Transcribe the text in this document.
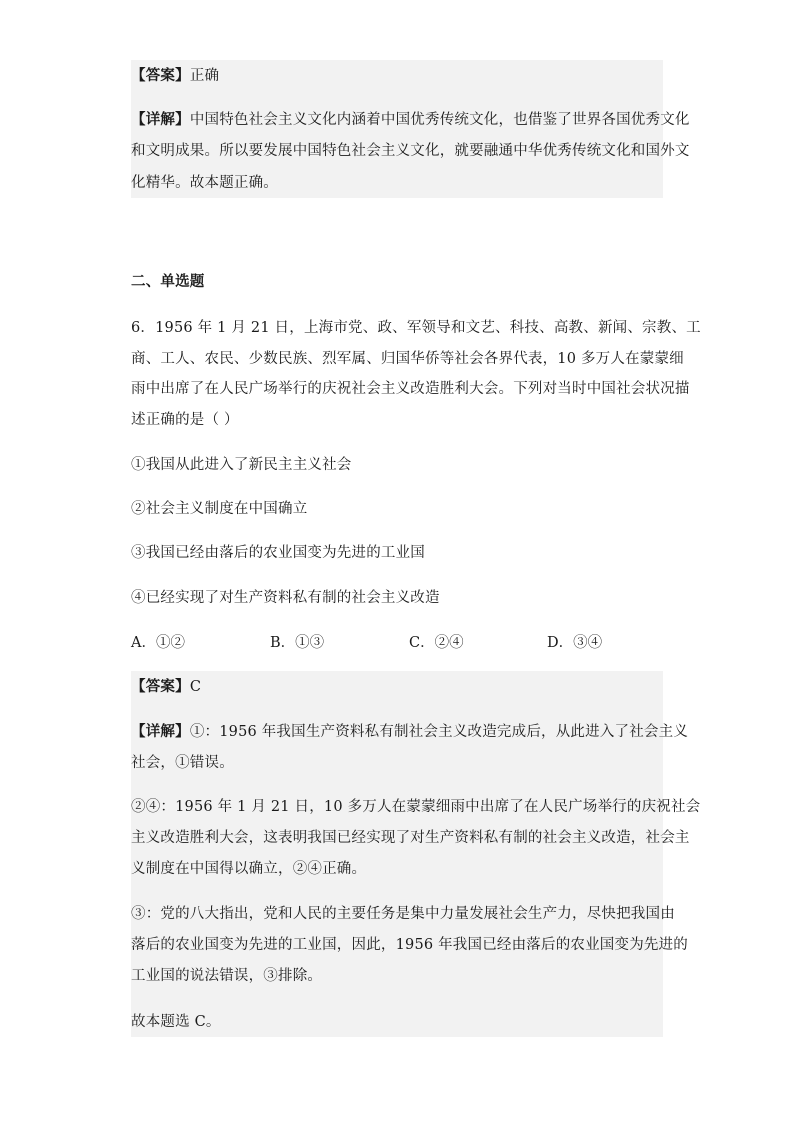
【答案】正确
【详解】中国特色社会主义文化内涵着中国优秀传统文化，也借鉴了世界各国优秀文化
和文明成果。所以要发展中国特色社会主义文化，就要融通中华优秀传统文化和国外文
化精华。故本题正确。
二、单选题
6．1956 年 1 月 21 日，上海市党、政、军领导和文艺、科技、高教、新闻、宗教、工
商、工人、农民、少数民族、烈军属、归国华侨等社会各界代表，10 多万人在蒙蒙细
雨中出席了在人民广场举行的庆祝社会主义改造胜利大会。下列对当时中国社会状况描
述正确的是（ ）
①我国从此进入了新民主主义社会
②社会主义制度在中国确立
③我国已经由落后的农业国变为先进的工业国
④已经实现了对生产资料私有制的社会主义改造
A．①②	B．①③	C．②④	D．③④
【答案】C
【详解】①：1956 年我国生产资料私有制社会主义改造完成后，从此进入了社会主义
社会，①错误。
②④：1956 年 1 月 21 日，10 多万人在蒙蒙细雨中出席了在人民广场举行的庆祝社会
主义改造胜利大会，这表明我国已经实现了对生产资料私有制的社会主义改造，社会主
义制度在中国得以确立，②④正确。
③：党的八大指出，党和人民的主要任务是集中力量发展社会生产力，尽快把我国由
落后的农业国变为先进的工业国，因此，1956 年我国已经由落后的农业国变为先进的
工业国的说法错误，③排除。
故本题选 C。
